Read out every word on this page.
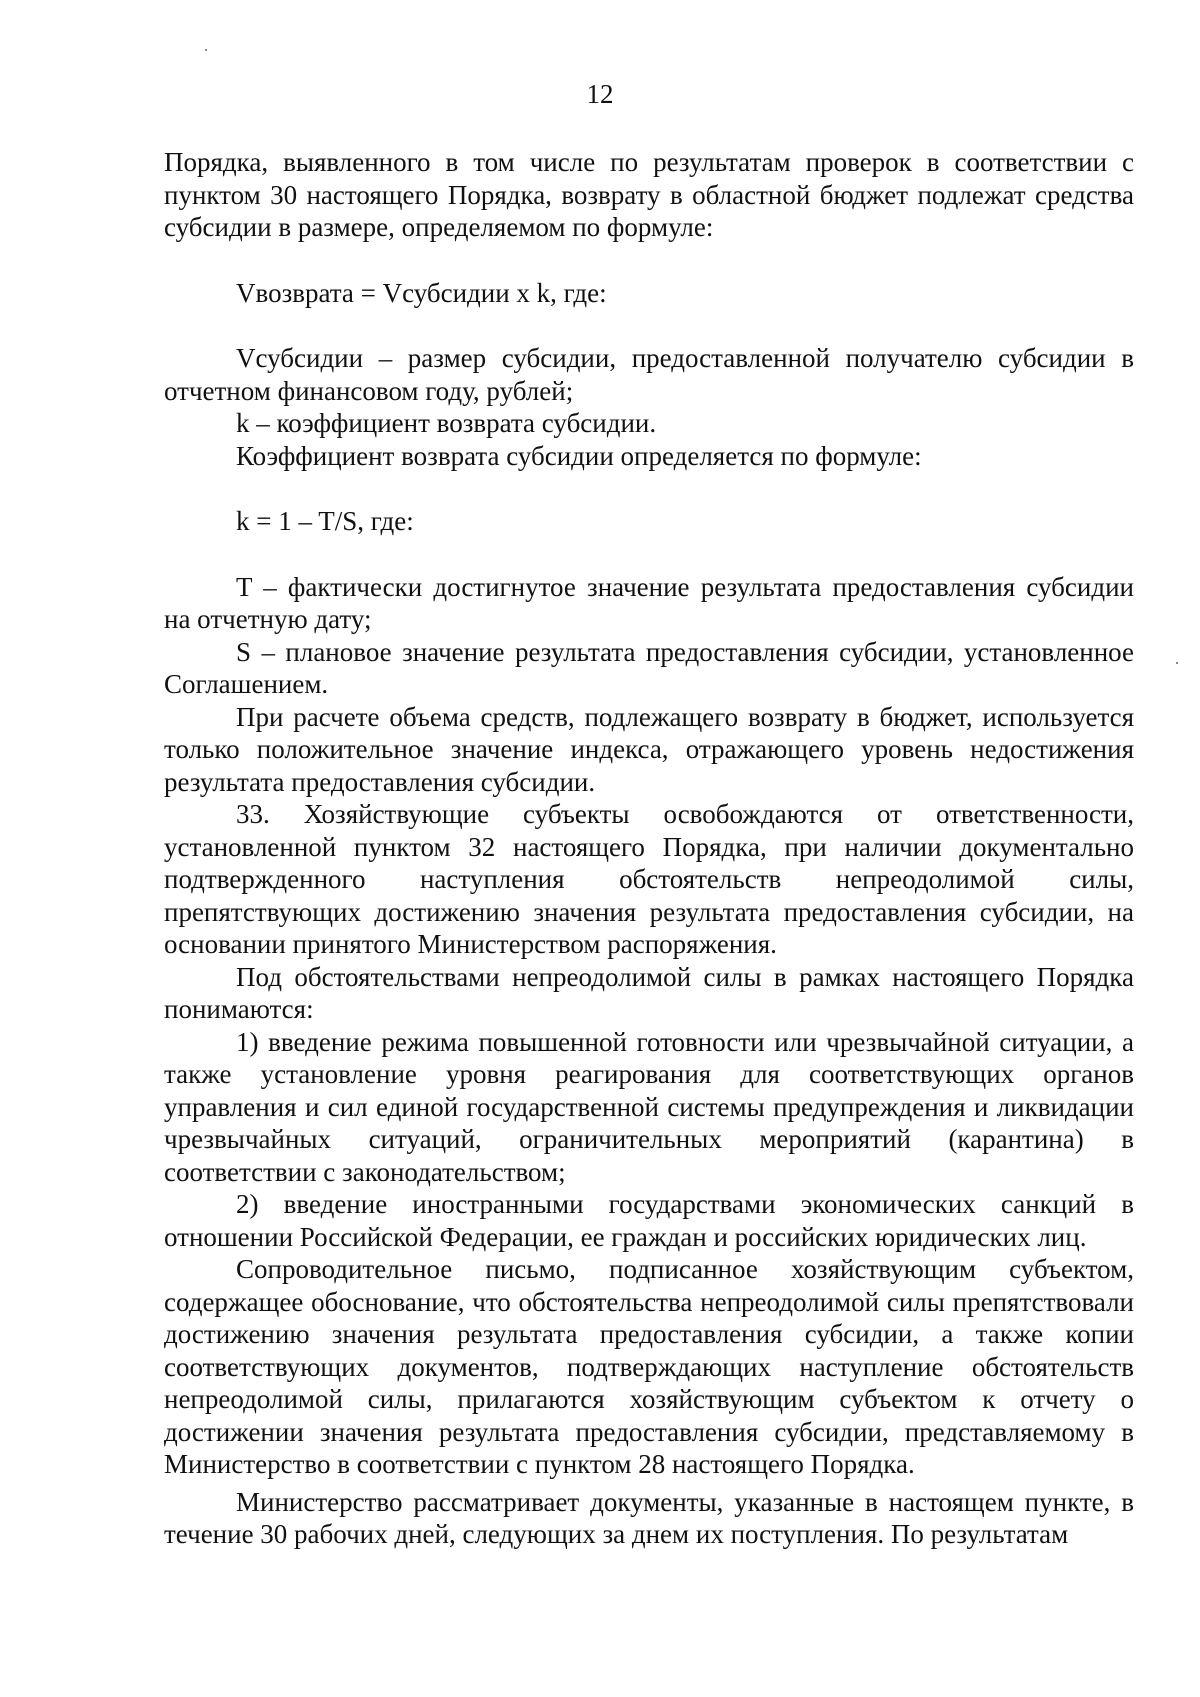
12

Порядка, выявленного в том числе по результатам проверок в соответствии с пунктом 30 настоящего Порядка, возврату в областной бюджет подлежат средства субсидии в размере, определяемом по формуле:

Vвозврата = Vсубсидии x k, где:

Vсубсидии – размер субсидии, предоставленной получателю субсидии в отчетном финансовом году, рублей;

k – коэффициент возврата субсидии.

Коэффициент возврата субсидии определяется по формуле:

k = 1 – T/S, где:

T – фактически достигнутое значение результата предоставления субсидии на отчетную дату;

S – плановое значение результата предоставления субсидии, установленное Соглашением.

При расчете объема средств, подлежащего возврату в бюджет, используется только положительное значение индекса, отражающего уровень недостижения результата предоставления субсидии.

33. Хозяйствующие субъекты освобождаются от ответственности, установленной пунктом 32 настоящего Порядка, при наличии документально подтвержденного наступления обстоятельств непреодолимой силы, препятствующих достижению значения результата предоставления субсидии, на основании принятого Министерством распоряжения.

Под обстоятельствами непреодолимой силы в рамках настоящего Порядка понимаются:

1) введение режима повышенной готовности или чрезвычайной ситуации, а также установление уровня реагирования для соответствующих органов управления и сил единой государственной системы предупреждения и ликвидации чрезвычайных ситуаций, ограничительных мероприятий (карантина) в соответствии с законодательством;

2) введение иностранными государствами экономических санкций в отношении Российской Федерации, ее граждан и российских юридических лиц.

Сопроводительное письмо, подписанное хозяйствующим субъектом, содержащее обоснование, что обстоятельства непреодолимой силы препятствовали достижению значения результата предоставления субсидии, а также копии соответствующих документов, подтверждающих наступление обстоятельств непреодолимой силы, прилагаются хозяйствующим субъектом к отчету о достижении значения результата предоставления субсидии, представляемому в Министерство в соответствии с пунктом 28 настоящего Порядка.

Министерство рассматривает документы, указанные в настоящем пункте, в течение 30 рабочих дней, следующих за днем их поступления. По результатам
